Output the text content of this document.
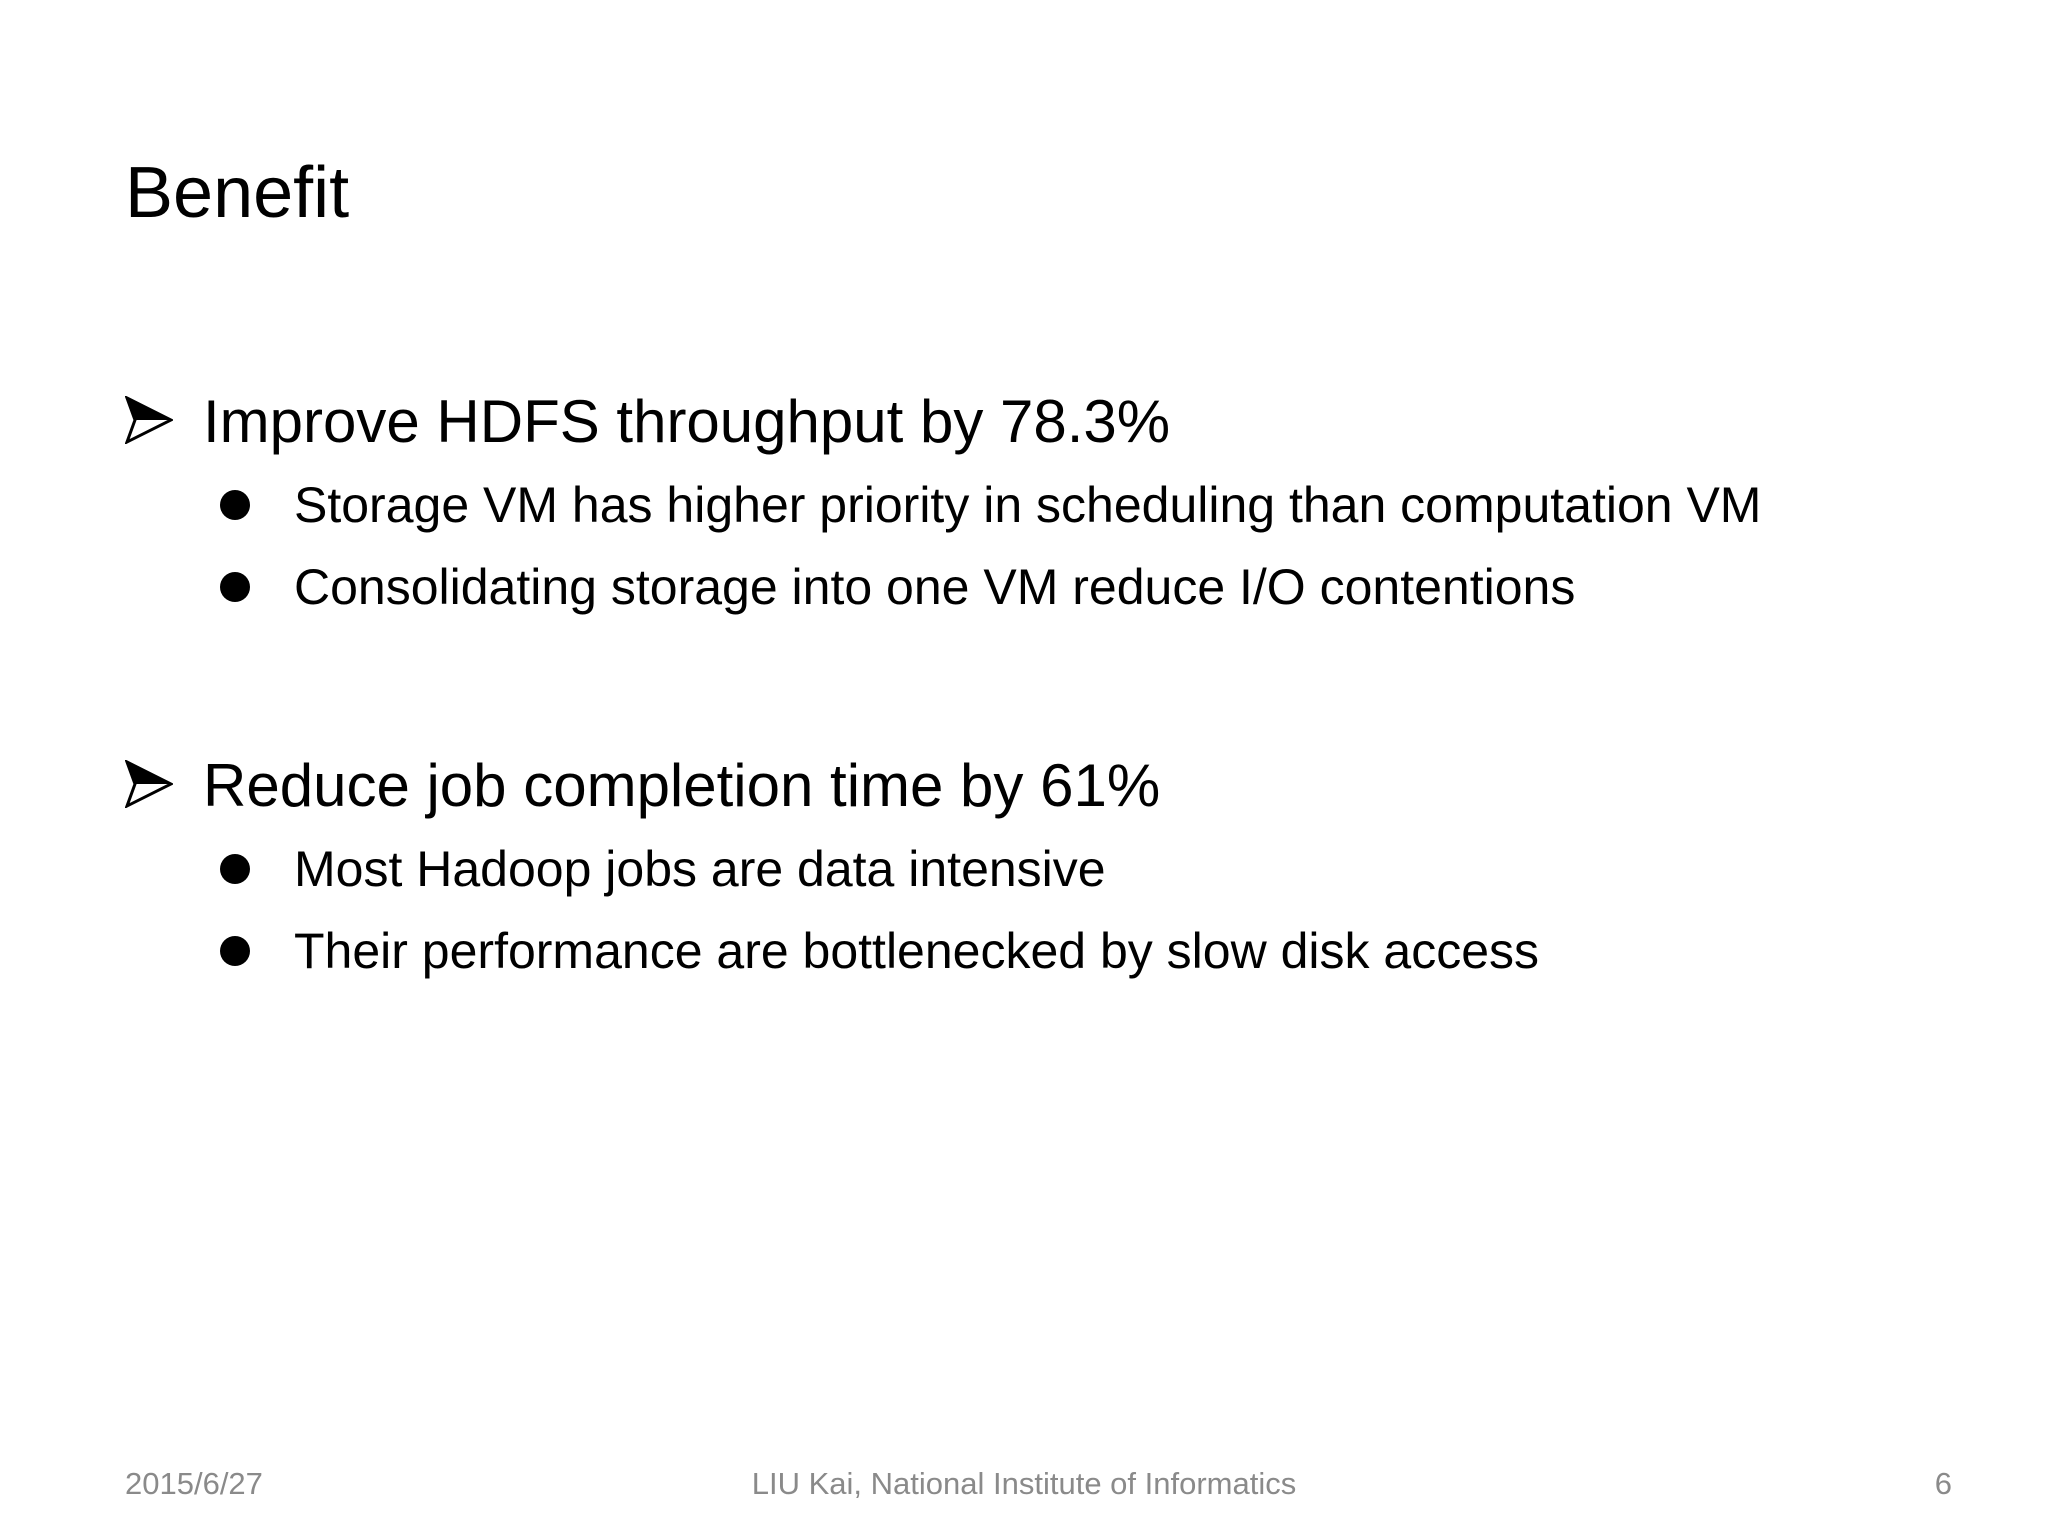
Benefit
Improve HDFS throughput by 78.3%
Storage VM has higher priority in scheduling than computation VM
Consolidating storage into one VM reduce I/O contentions
Reduce job completion time by 61%
Most Hadoop jobs are data intensive
Their performance are bottlenecked by slow disk access
2015/6/27	LIU Kai, National Institute of Informatics	6
